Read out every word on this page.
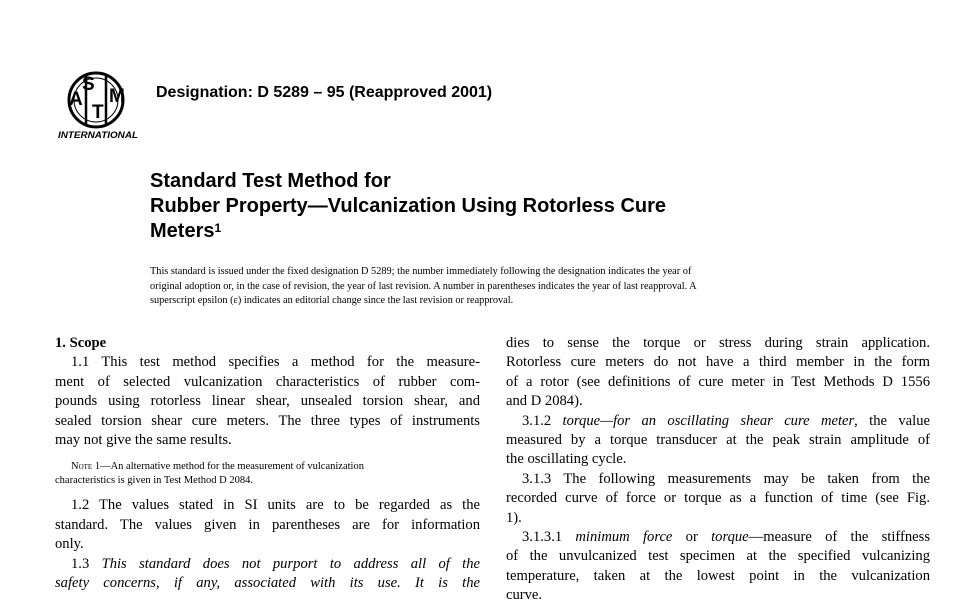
A
S
T
M
INTERNATIONAL
Designation: D 5289 – 95 (Reapproved 2001)
Standard Test Method for
Rubber Property—Vulcanization Using Rotorless Cure
Meters$^1$
This standard is issued under the fixed designation D 5289; the number immediately following the designation indicates the year of
original adoption or, in the case of revision, the year of last revision. A number in parentheses indicates the year of last reapproval. A
superscript epsilon (ε) indicates an editorial change since the last revision or reapproval.
1. Scope
1.1 This test method specifies a method for the measure-
ment of selected vulcanization characteristics of rubber com-
pounds using rotorless linear shear, unsealed torsion shear, and
sealed torsion shear cure meters. The three types of instruments
may not give the same results.
Note 1—An alternative method for the measurement of vulcanization
characteristics is given in Test Method D 2084.
1.2 The values stated in SI units are to be regarded as the
standard. The values given in parentheses are for information
only.
1.3 This standard does not purport to address all of the
safety concerns, if any, associated with its use. It is the
dies to sense the torque or stress during strain application.
Rotorless cure meters do not have a third member in the form
of a rotor (see definitions of cure meter in Test Methods D 1556
and D 2084).
3.1.2 torque—for an oscillating shear cure meter, the value
measured by a torque transducer at the peak strain amplitude of
the oscillating cycle.
3.1.3 The following measurements may be taken from the
recorded curve of force or torque as a function of time (see Fig.
1).
3.1.3.1 minimum force or torque—measure of the stiffness
of the unvulcanized test specimen at the specified vulcanizing
temperature, taken at the lowest point in the vulcanization
curve.
